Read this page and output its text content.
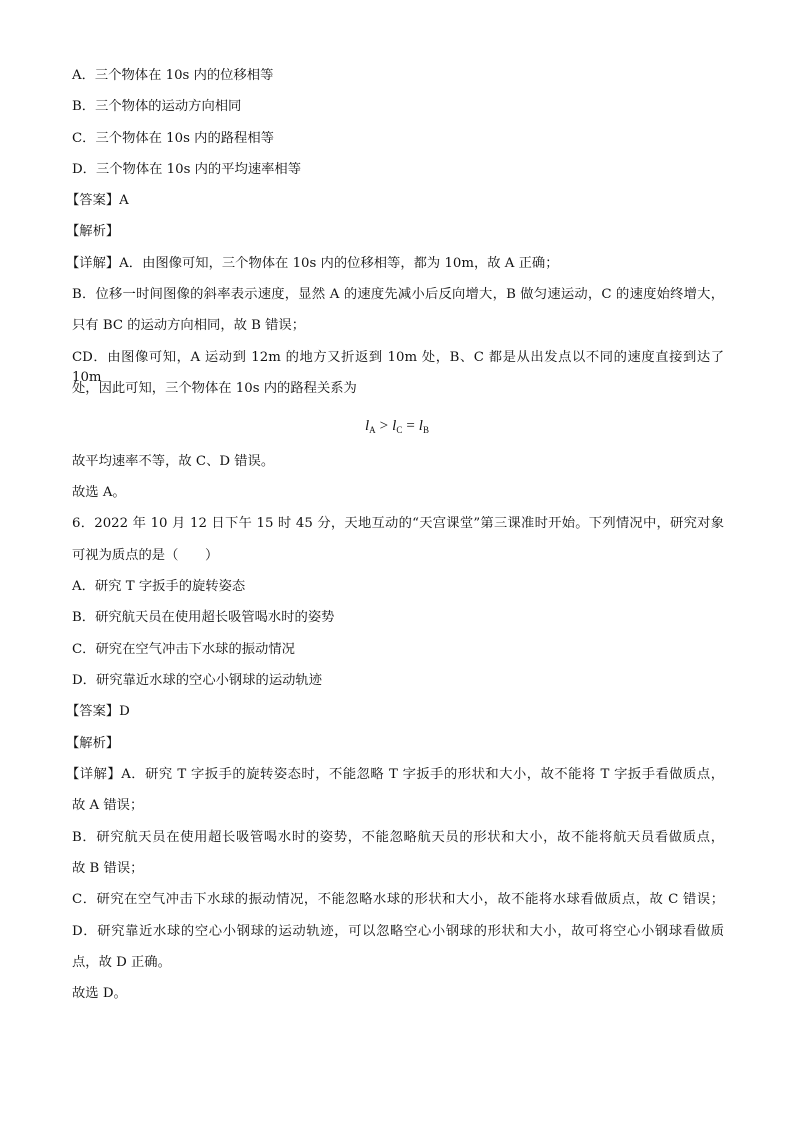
A．三个物体在 10s 内的位移相等
B．三个物体的运动方向相同
C．三个物体在 10s 内的路程相等
D．三个物体在 10s 内的平均速率相等
【答案】A
【解析】
【详解】A．由图像可知，三个物体在 10s 内的位移相等，都为 10m，故 A 正确；
B．位移一时间图像的斜率表示速度，显然 A 的速度先减小后反向增大，B 做匀速运动，C 的速度始终增大，
只有 BC 的运动方向相同，故 B 错误；
CD．由图像可知，A 运动到 12m 的地方又折返到 10m 处，B、C 都是从出发点以不同的速度直接到达了 10m
处，因此可知，三个物体在 10s 内的路程关系为
$l_A > l_C = l_B$
故平均速率不等，故 C、D 错误。
故选 A。
6．2022 年 10 月 12 日下午 15 时 45 分，天地互动的“天宫课堂”第三课准时开始。下列情况中，研究对象
可视为质点的是（　　）
A．研究 T 字扳手的旋转姿态
B．研究航天员在使用超长吸管喝水时的姿势
C．研究在空气冲击下水球的振动情况
D．研究靠近水球的空心小钢球的运动轨迹
【答案】D
【解析】
【详解】A．研究 T 字扳手的旋转姿态时，不能忽略 T 字扳手的形状和大小，故不能将 T 字扳手看做质点，
故 A 错误；
B．研究航天员在使用超长吸管喝水时的姿势，不能忽略航天员的形状和大小，故不能将航天员看做质点，
故 B 错误；
C．研究在空气冲击下水球的振动情况，不能忽略水球的形状和大小，故不能将水球看做质点，故 C 错误；
D．研究靠近水球的空心小钢球的运动轨迹，可以忽略空心小钢球的形状和大小，故可将空心小钢球看做质
点，故 D 正确。
故选 D。
